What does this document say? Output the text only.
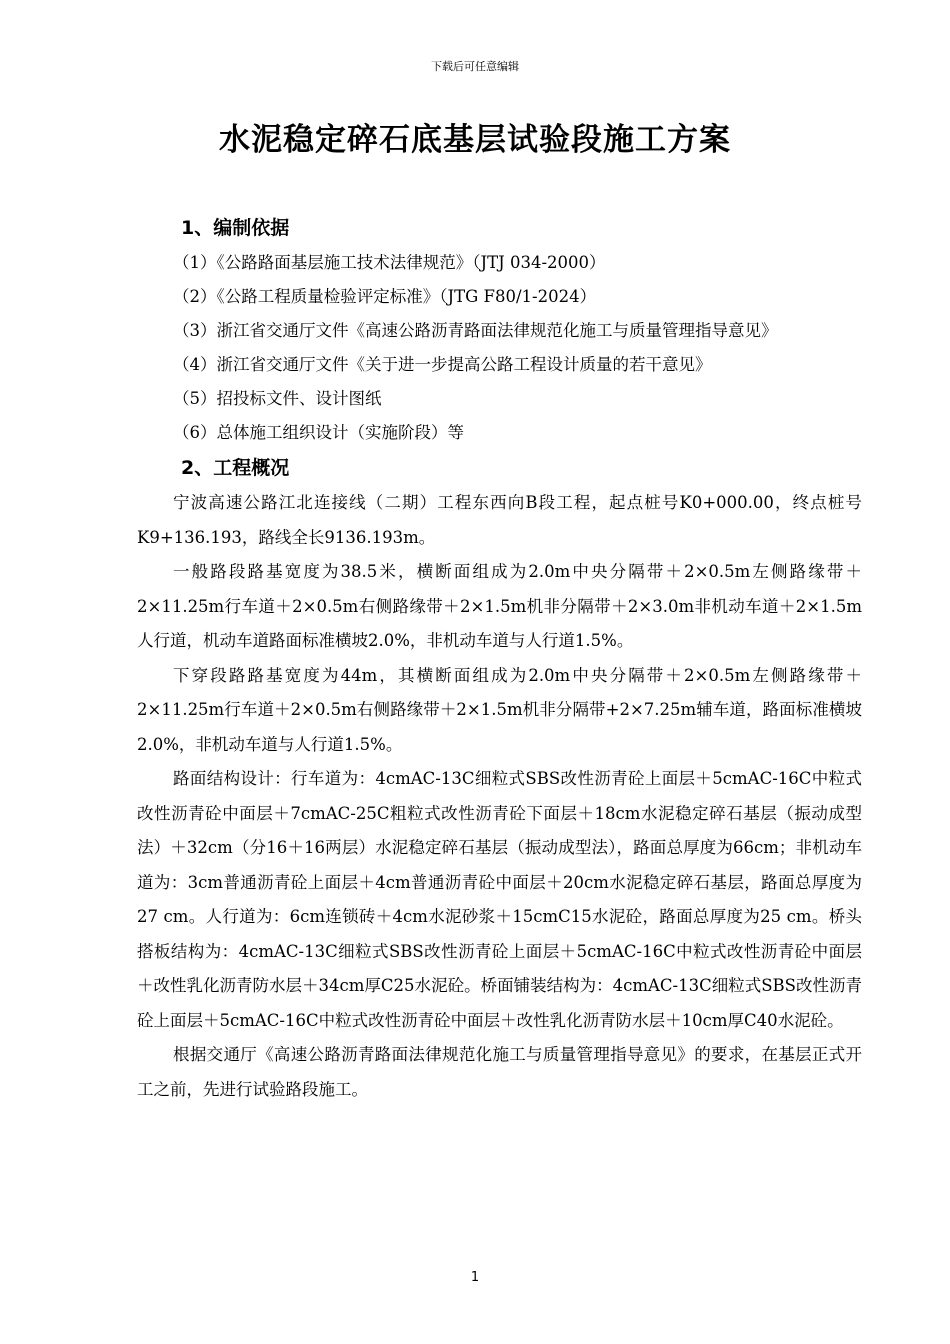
下载后可任意编辑
水泥稳定碎石底基层试验段施工方案
1、编制依据

（1）《公路路面基层施工技术法律规范》（JTJ 034-2000）

（2）《公路工程质量检验评定标准》（JTG F80/1-2024）

（3）浙江省交通厅文件《高速公路沥青路面法律规范化施工与质量管理指导意见》

（4）浙江省交通厅文件《关于进一步提高公路工程设计质量的若干意见》

（5）招投标文件、设计图纸

（6）总体施工组织设计（实施阶段）等

2、工程概况

宁波高速公路江北连接线（二期）工程东西向B段工程，起点桩号K0+000.00，终点桩号K9+136.193，路线全长9136.193m。

一般路段路基宽度为38.5米，横断面组成为2.0m中央分隔带＋2×0.5m左侧路缘带＋2×11.25m行车道＋2×0.5m右侧路缘带＋2×1.5m机非分隔带＋2×3.0m非机动车道＋2×1.5m人行道，机动车道路面标准横坡2.0%，非机动车道与人行道1.5%。

下穿段路路基宽度为44m，其横断面组成为2.0m中央分隔带＋2×0.5m左侧路缘带＋2×11.25m行车道＋2×0.5m右侧路缘带＋2×1.5m机非分隔带+2×7.25m辅车道，路面标准横坡2.0%，非机动车道与人行道1.5%。

路面结构设计：行车道为：4cmAC-13C细粒式SBS改性沥青砼上面层＋5cmAC-16C中粒式改性沥青砼中面层＋7cmAC-25C粗粒式改性沥青砼下面层＋18cm水泥稳定碎石基层（振动成型法）＋32cm（分16＋16两层）水泥稳定碎石基层（振动成型法），路面总厚度为66cm；非机动车道为：3cm普通沥青砼上面层＋4cm普通沥青砼中面层＋20cm水泥稳定碎石基层，路面总厚度为27 cm。人行道为：6cm连锁砖＋4cm水泥砂浆＋15cmC15水泥砼，路面总厚度为25 cm。桥头搭板结构为：4cmAC-13C细粒式SBS改性沥青砼上面层＋5cmAC-16C中粒式改性沥青砼中面层＋改性乳化沥青防水层＋34cm厚C25水泥砼。桥面铺装结构为：4cmAC-13C细粒式SBS改性沥青砼上面层＋5cmAC-16C中粒式改性沥青砼中面层＋改性乳化沥青防水层＋10cm厚C40水泥砼。

根据交通厅《高速公路沥青路面法律规范化施工与质量管理指导意见》的要求，在基层正式开工之前，先进行试验路段施工。

1
